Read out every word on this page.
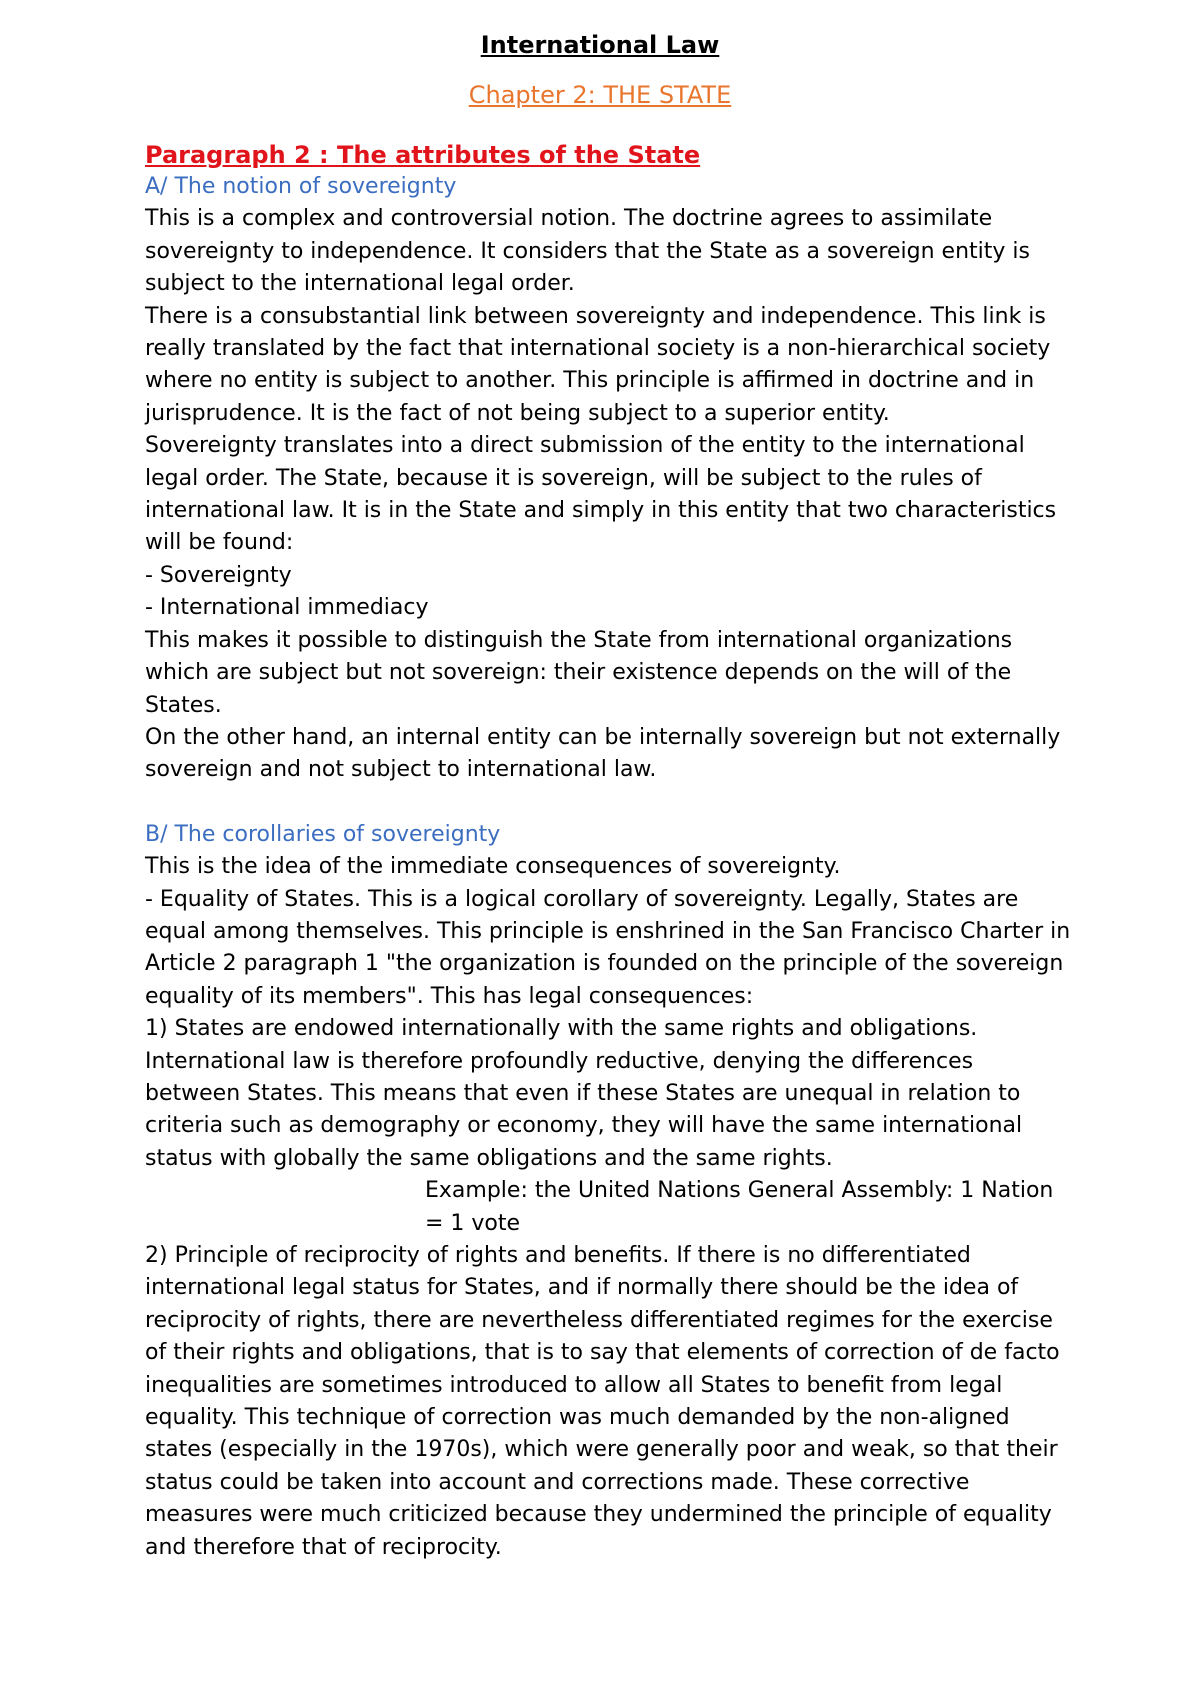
International Law
Chapter 2: THE STATE
Paragraph 2 : The attributes of the State
A/ The notion of sovereignty

This is a complex and controversial notion. The doctrine agrees to assimilate sovereignty to independence. It considers that the State as a sovereign entity is subject to the international legal order.

There is a consubstantial link between sovereignty and independence. This link is really translated by the fact that international society is a non-hierarchical society where no entity is subject to another. This principle is affirmed in doctrine and in jurisprudence. It is the fact of not being subject to a superior entity.

Sovereignty translates into a direct submission of the entity to the international legal order. The State, because it is sovereign, will be subject to the rules of international law. It is in the State and simply in this entity that two characteristics will be found:

- Sovereignty

- International immediacy

This makes it possible to distinguish the State from international organizations which are subject but not sovereign: their existence depends on the will of the States.

On the other hand, an internal entity can be internally sovereign but not externally sovereign and not subject to international law.

B/ The corollaries of sovereignty

This is the idea of the immediate consequences of sovereignty.

- Equality of States. This is a logical corollary of sovereignty. Legally, States are equal among themselves. This principle is enshrined in the San Francisco Charter in Article 2 paragraph 1 "the organization is founded on the principle of the sovereign equality of its members". This has legal consequences:

1) States are endowed internationally with the same rights and obligations. International law is therefore profoundly reductive, denying the differences between States. This means that even if these States are unequal in relation to criteria such as demography or economy, they will have the same international status with globally the same obligations and the same rights.Example: the United Nations General Assembly: 1 Nation = 1 vote

2) Principle of reciprocity of rights and benefits. If there is no differentiated international legal status for States, and if normally there should be the idea of reciprocity of rights, there are nevertheless differentiated regimes for the exercise of their rights and obligations, that is to say that elements of correction of de facto inequalities are sometimes introduced to allow all States to benefit from legal equality. This technique of correction was much demanded by the non-aligned states (especially in the 1970s), which were generally poor and weak, so that their status could be taken into account and corrections made. These corrective measures were much criticized because they undermined the principle of equality and therefore that of reciprocity.
